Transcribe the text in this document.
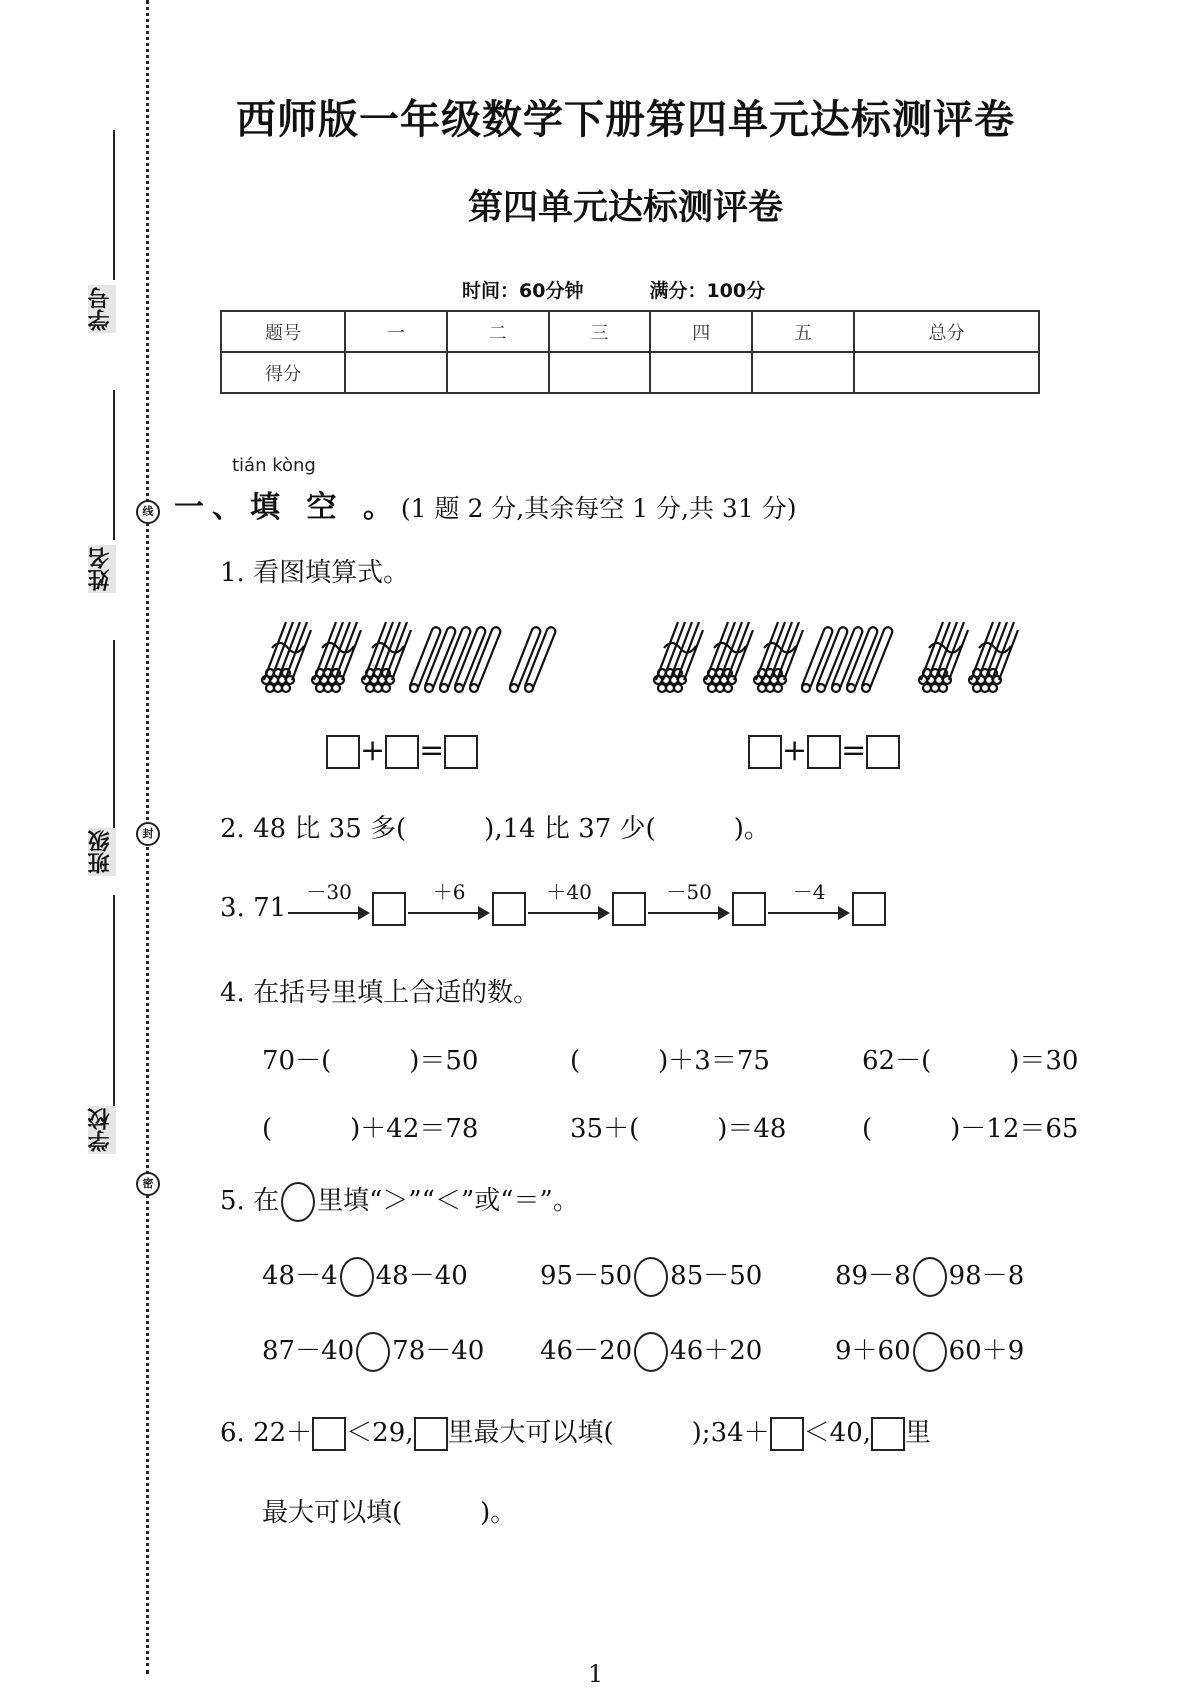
学号
姓名
班级
学校
线
封
密
西师版一年级数学下册第四单元达标测评卷
第四单元达标测评卷
时间：60分钟	满分：100分
题号	一	二	三	四	五	总分
得分						
tián kòng
一、填 空 。(1 题 2 分,其余每空 1 分,共 31 分)
1. 看图填算式。
+ =	+ =
2. 48 比 35 多(　　　),14 比 37 少(　　　)。
3. 71
－30	＋6	＋40	－50	－4
4. 在括号里填上合适的数。
70－(　　　)＝50	(　　　)＋3＝75	62－(　　　)＝30
(　　　)＋42＝78	35＋(　　　)＝48	(　　　)－12＝65
5. 在 里填“＞”“＜”或“＝”。
48－4 48－40	95－50 85－50	89－8 98－8
87－40 78－40 46－20 46＋20	9＋60 60＋9
6. 22＋ ＜29, 里最大可以填(　　　);34＋ ＜40, 里
最大可以填(　　　)。
1
